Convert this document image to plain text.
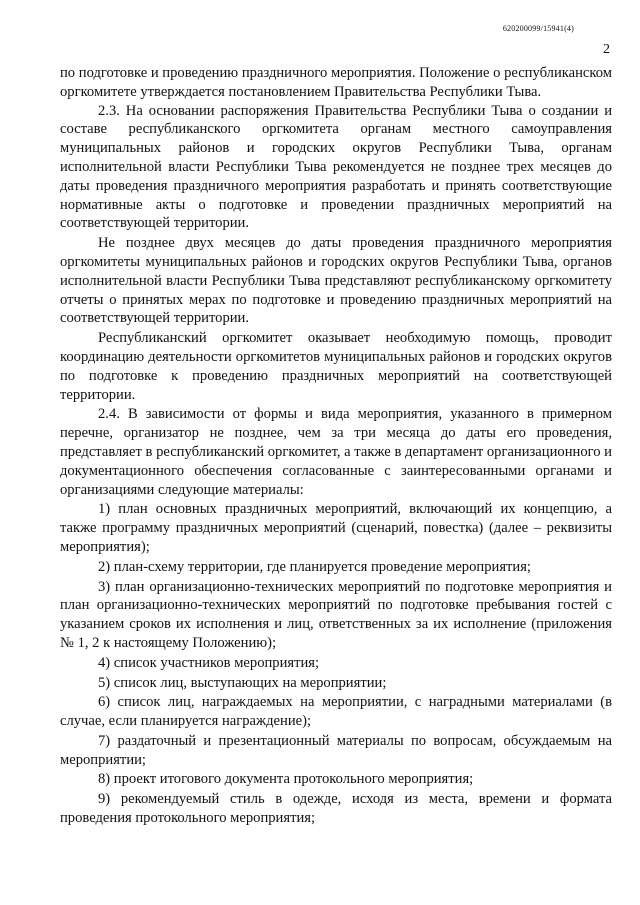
620200099/15941(4)
2

по подготовке и проведению праздничного мероприятия. Положение о республиканском оргкомитете утверждается постановлением Правительства Республики Тыва.

2.3. На основании распоряжения Правительства Республики Тыва о создании и составе республиканского оргкомитета органам местного самоуправления муниципальных районов и городских округов Республики Тыва, органам исполнительной власти Республики Тыва рекомендуется не позднее трех месяцев до даты проведения праздничного мероприятия разработать и принять соответствующие нормативные акты о подготовке и проведении праздничных мероприятий на соответствующей территории.

Не позднее двух месяцев до даты проведения праздничного мероприятия оргкомитеты муниципальных районов и городских округов Республики Тыва, органов исполнительной власти Республики Тыва представляют республиканскому оргкомитету отчеты о принятых мерах по подготовке и проведению праздничных мероприятий на соответствующей территории.

Республиканский оргкомитет оказывает необходимую помощь, проводит координацию деятельности оргкомитетов муниципальных районов и городских округов по подготовке к проведению праздничных мероприятий на соответствующей территории.

2.4. В зависимости от формы и вида мероприятия, указанного в примерном перечне, организатор не позднее, чем за три месяца до даты его проведения, представляет в республиканский оргкомитет, а также в департамент организационного и документационного обеспечения согласованные с заинтересованными органами и организациями следующие материалы:

1) план основных праздничных мероприятий, включающий их концепцию, а также программу праздничных мероприятий (сценарий, повестка) (далее – реквизиты мероприятия);

2) план-схему территории, где планируется проведение мероприятия;

3) план организационно-технических мероприятий по подготовке мероприятия и план организационно-технических мероприятий по подготовке пребывания гостей с указанием сроков их исполнения и лиц, ответственных за их исполнение (приложения № 1, 2 к настоящему Положению);

4) список участников мероприятия;

5) список лиц, выступающих на мероприятии;

6) список лиц, награждаемых на мероприятии, с наградными материалами (в случае, если планируется награждение);

7) раздаточный и презентационный материалы по вопросам, обсуждаемым на мероприятии;

8) проект итогового документа протокольного мероприятия;

9) рекомендуемый стиль в одежде, исходя из места, времени и формата проведения протокольного мероприятия;
